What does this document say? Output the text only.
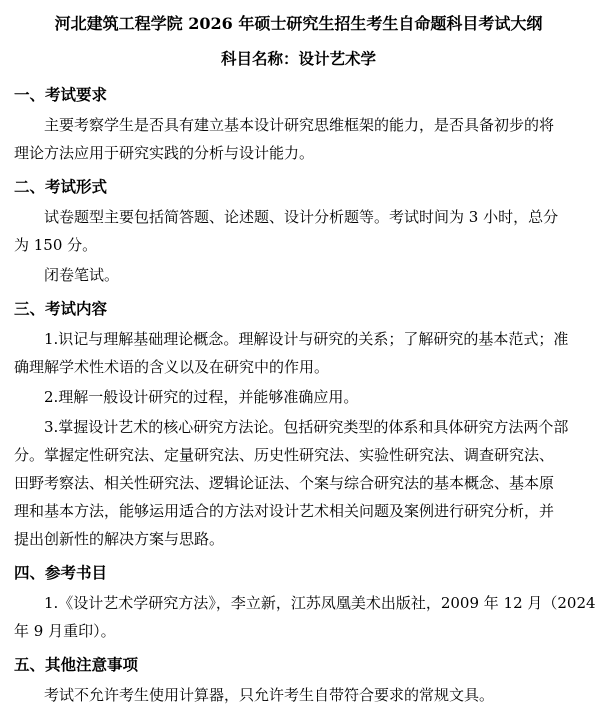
河北建筑工程学院 2026 年硕士研究生招生考生自命题科目考试大纲
科目名称：设计艺术学
一、考试要求
主要考察学生是否具有建立基本设计研究思维框架的能力，是否具备初步的将
理论方法应用于研究实践的分析与设计能力。
二、考试形式
试卷题型主要包括简答题、论述题、设计分析题等。考试时间为 3 小时，总分
为 150 分。
闭卷笔试。
三、考试内容
1.识记与理解基础理论概念。理解设计与研究的关系；了解研究的基本范式；准
确理解学术性术语的含义以及在研究中的作用。
2.理解一般设计研究的过程，并能够准确应用。
3.掌握设计艺术的核心研究方法论。包括研究类型的体系和具体研究方法两个部
分。掌握定性研究法、定量研究法、历史性研究法、实验性研究法、调查研究法、
田野考察法、相关性研究法、逻辑论证法、个案与综合研究法的基本概念、基本原
理和基本方法，能够运用适合的方法对设计艺术相关问题及案例进行研究分析，并
提出创新性的解决方案与思路。
四、参考书目
1.《设计艺术学研究方法》，李立新，江苏凤凰美术出版社，2009 年 12 月（2024
年 9 月重印）。
五、其他注意事项
考试不允许考生使用计算器，只允许考生自带符合要求的常规文具。
